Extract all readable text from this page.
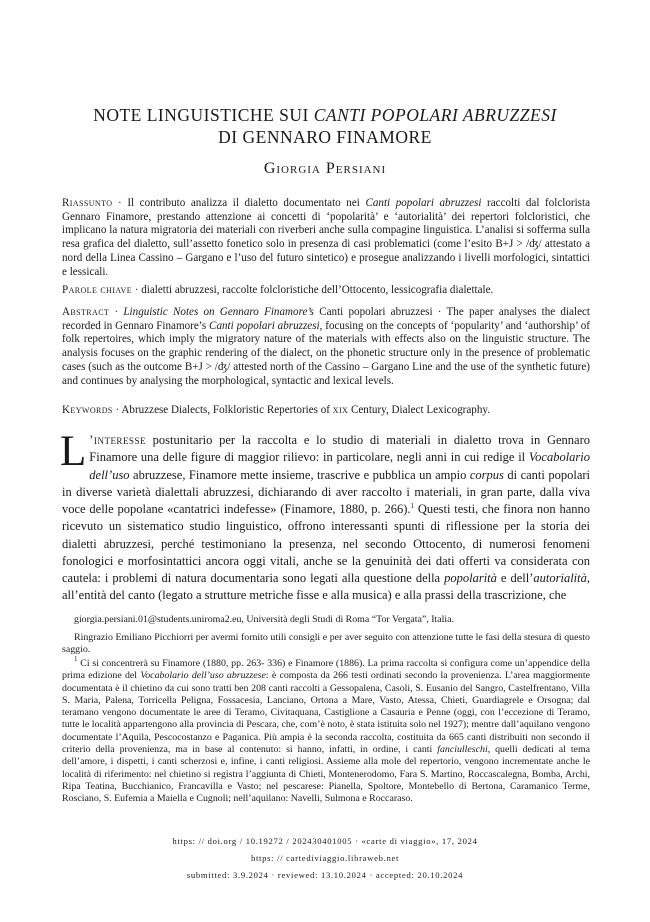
NOTE LINGUISTICHE SUI CANTI POPOLARI ABRUZZESI
DI GENNARO FINAMORE
Giorgia Persiani

Riassunto · Il contributo analizza il dialetto documentato nei Canti popolari abruzzesi raccolti dal folclorista Gennaro Finamore, prestando attenzione ai concetti di ‘popolarità’ e ‘autorialità’ dei repertori folcloristici, che implicano la natura migratoria dei materiali con riverberi anche sulla compagine linguistica. L’analisi si sofferma sulla resa grafica del dialetto, sull’assetto fonetico solo in presenza di casi problematici (come l’esito B+J > /ʤ/ attestato a nord della Linea Cassino – Gargano e l’uso del futuro sintetico) e prosegue analizzando i livelli morfologici, sintattici e lessicali.

Parole chiave · dialetti abruzzesi, raccolte folcloristiche dell’Ottocento, lessicografia dialettale.

Abstract · Linguistic Notes on Gennaro Finamore’s Canti popolari abruzzesi · The paper analyses the dialect recorded in Gennaro Finamore’s Canti popolari abruzzesi, focusing on the concepts of ‘popularity’ and ‘authorship’ of folk repertoires, which imply the migratory nature of the materials with effects also on the linguistic structure. The analysis focuses on the graphic rendering of the dialect, on the phonetic structure only in the presence of problematic cases (such as the outcome B+J > /ʤ/ attested north of the Cassino – Gargano Line and the use of the synthetic future) and continues by analysing the morphological, syntactic and lexical levels.

Keywords · Abruzzese Dialects, Folkloristic Repertories of xix Century, Dialect Lexicography.

L ’interesse postunitario per la raccolta e lo studio di materiali in dialetto trova in Gennaro Finamore una delle figure di maggior rilievo: in particolare, negli anni in cui redige il Vocabolario dell’uso abruzzese, Finamore mette insieme, trascrive e pubblica un ampio corpus di canti popolari in diverse varietà dialettali abruzzesi, dichiarando di aver raccolto i materiali, in gran parte, dalla viva voce delle popolane «cantatrici indefesse» (Finamore, 1880, p. 266).$^1$ Questi testi, che finora non hanno ricevuto un sistematico studio linguistico, offrono interessanti spunti di riflessione per la storia dei dialetti abruzzesi, perché testimoniano la presenza, nel secondo Ottocento, di numerosi fenomeni fonologici e morfosintattici ancora oggi vitali, anche se la genuinità dei dati offerti va considerata con cautela: i problemi di natura documentaria sono legati alla questione della popolarità e dell’autorialità, all’entità del canto (legato a strutture metriche fisse e alla musica) e alla prassi della trascrizione, che

giorgia.persiani.01@students.uniroma2.eu, Università degli Studi di Roma “Tor Vergata”, Italia.

Ringrazio Emiliano Picchiorri per avermi fornito utili consigli e per aver seguito con attenzione tutte le fasi della stesura di questo saggio.

$^1$ Ci si concentrerà su Finamore (1880, pp. 263- 336) e Finamore (1886). La prima raccolta si configura come un’appendice della prima edizione del Vocabolario dell’uso abruzzese: è composta da 266 testi ordinati secondo la provenienza. L’area maggiormente documentata è il chietino da cui sono tratti ben 208 canti raccolti a Gessopalena, Casoli, S. Eusanio del Sangro, Castelfrentano, Villa S. Maria, Palena, Torricella Peligna, Fossacesia, Lanciano, Ortona a Mare, Vasto, Atessa, Chieti, Guardiagrele e Orsogna; dal teramano vengono documentate le aree di Teramo, Civitaquana, Castiglione a Casauria e Penne (oggi, con l’eccezione di Teramo, tutte le località appartengono alla provincia di Pescara, che, com’è noto, è stata istituita solo nel 1927); mentre dall’aquilano vengono documentate l’Aquila, Pescocostanzo e Paganica. Più ampia è la seconda raccolta, costituita da 665 canti distribuiti non secondo il criterio della provenienza, ma in base al contenuto: si hanno, infatti, in ordine, i canti fanciulleschi, quelli dedicati al tema dell’amore, i dispetti, i canti scherzosi e, infine, i canti religiosi. Assieme alla mole del repertorio, vengono incrementate anche le località di riferimento: nel chietino si registra l’aggiunta di Chieti, Montenerodomo, Fara S. Martino, Roccascalegna, Bomba, Archi, Ripa Teatina, Bucchianico, Francavilla e Vasto; nel pescarese: Pianella, Spoltore, Montebello di Bertona, Caramanico Terme, Rosciano, S. Eufemia a Maiella e Cugnoli; nell’aquilano: Navelli, Sulmona e Roccaraso.

https: // doi.org / 10.19272 / 202430401005 · «carte di viaggio», 17, 2024

https: // cartediviaggio.libraweb.net

submitted: 3.9.2024 · reviewed: 13.10.2024 · accepted: 20.10.2024
